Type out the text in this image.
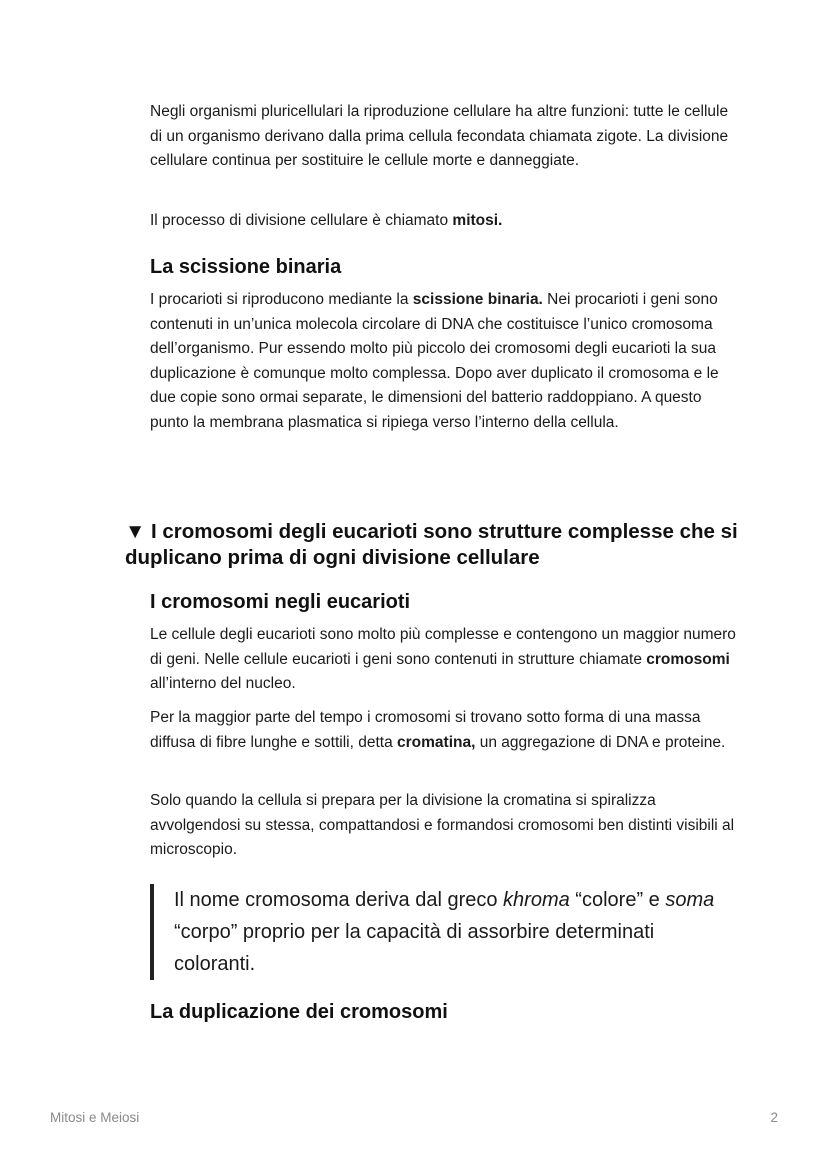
Negli organismi pluricellulari la riproduzione cellulare ha altre funzioni: tutte le cellule di un organismo derivano dalla prima cellula fecondata chiamata zigote. La divisione cellulare continua per sostituire le cellule morte e danneggiate.

Il processo di divisione cellulare è chiamato mitosi.

La scissione binaria

I procarioti si riproducono mediante la scissione binaria. Nei procarioti i geni sono contenuti in un’unica molecola circolare di DNA che costituisce l’unico cromosoma dell’organismo. Pur essendo molto più piccolo dei cromosomi degli eucarioti la sua duplicazione è comunque molto complessa. Dopo aver duplicato il cromosoma e le due copie sono ormai separate, le dimensioni del batterio raddoppiano. A questo punto la membrana plasmatica si ripiega verso l’interno della cellula.

▼ I cromosomi degli eucarioti sono strutture complesse che si duplicano prima di ogni divisione cellulare
I cromosomi negli eucarioti

Le cellule degli eucarioti sono molto più complesse e contengono un maggior numero di geni. Nelle cellule eucarioti i geni sono contenuti in strutture chiamate cromosomi all’interno del nucleo.

Per la maggior parte del tempo i cromosomi si trovano sotto forma di una massa diffusa di fibre lunghe e sottili, detta cromatina, un aggregazione di DNA e proteine.

Solo quando la cellula si prepara per la divisione la cromatina si spiralizza avvolgendosi su stessa, compattandosi e formandosi cromosomi ben distinti visibili al microscopio.

Il nome cromosoma deriva dal greco khroma “colore” e soma “corpo” proprio per la capacità di assorbire determinati coloranti.
La duplicazione dei cromosomi
Mitosi e Meiosi	2
